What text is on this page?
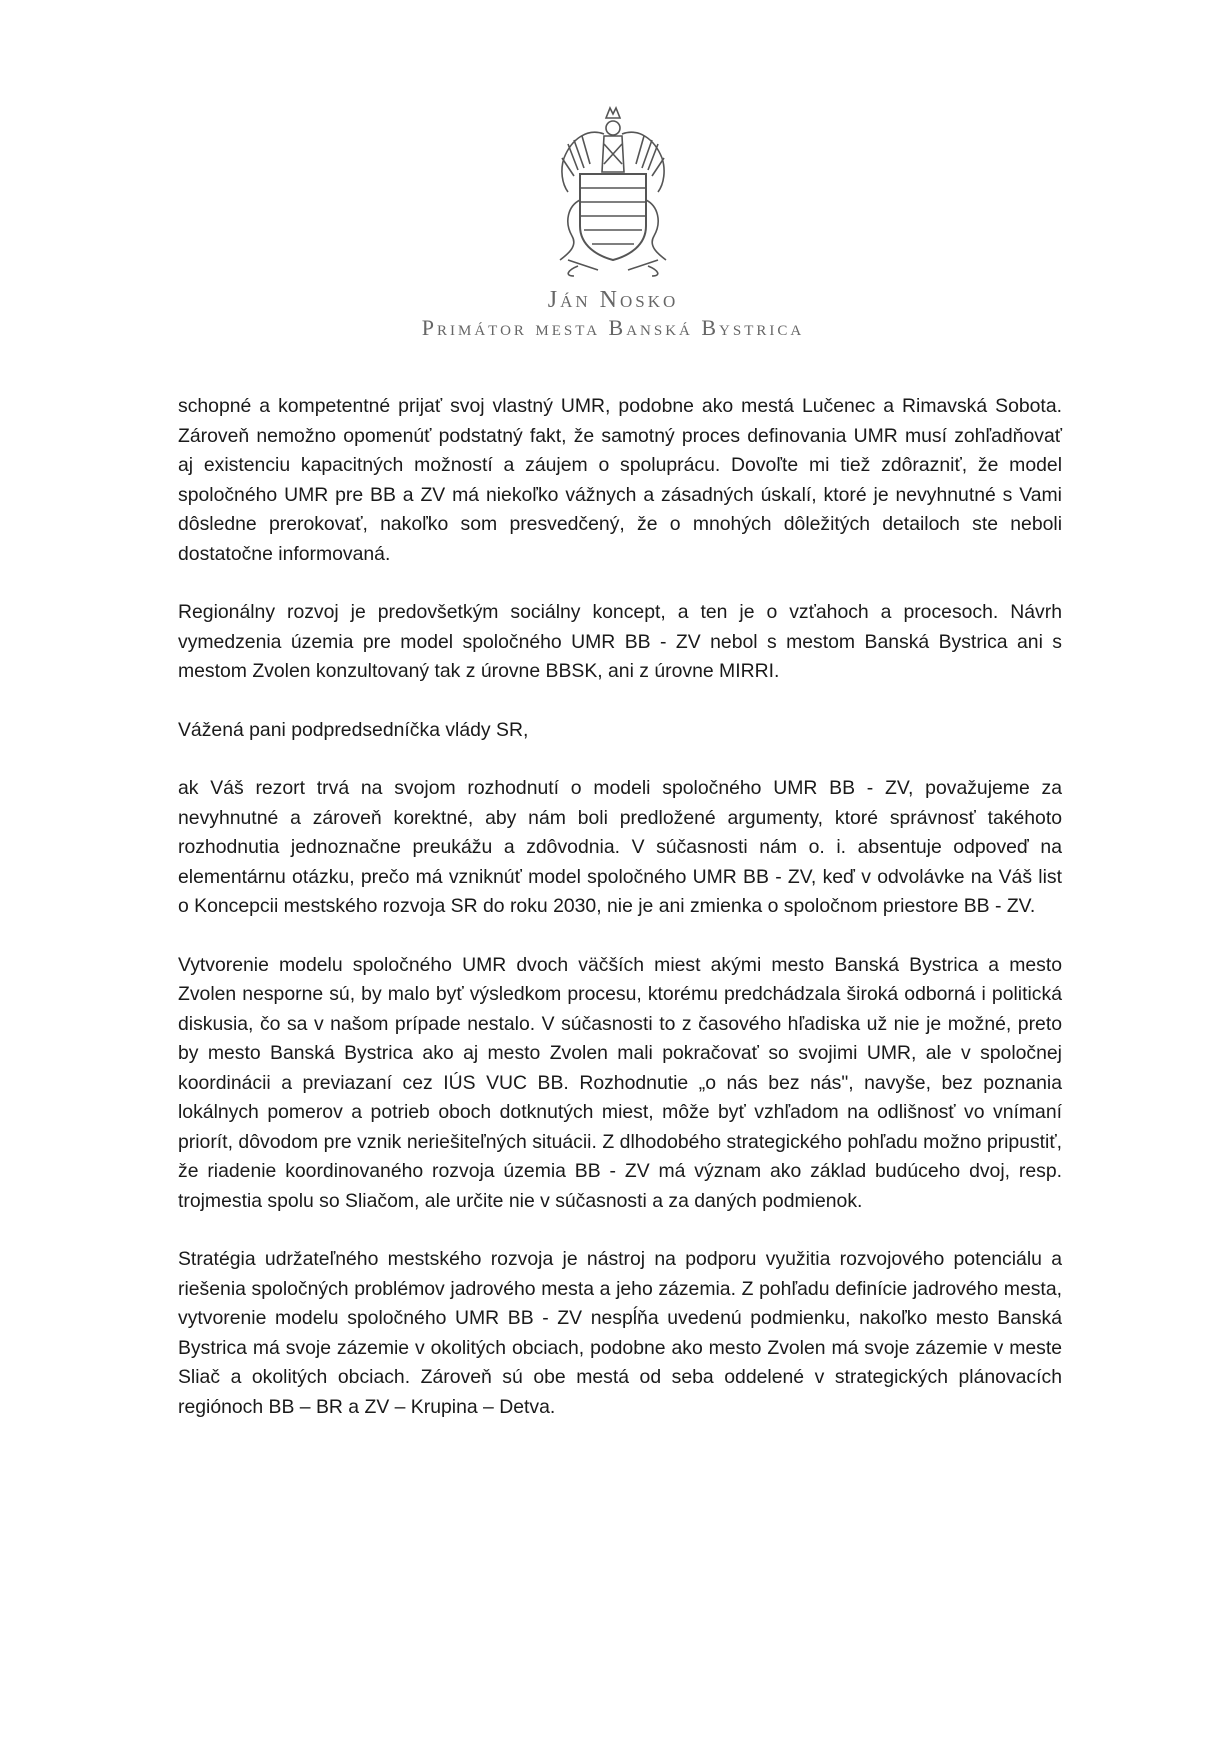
Ján Nosko
Primátor mesta Banská Bystrica

schopné a kompetentné prijať svoj vlastný UMR, podobne ako mestá Lučenec a Rimavská Sobota. Zároveň nemožno opomenúť podstatný fakt, že samotný proces definovania UMR musí zohľadňovať aj existenciu kapacitných možností a záujem o spoluprácu. Dovoľte mi tiež zdôrazniť, že model spoločného UMR pre BB a ZV má niekoľko vážnych a zásadných úskalí, ktoré je nevyhnutné s Vami dôsledne prerokovať, nakoľko som presvedčený, že o mnohých dôležitých detailoch ste neboli dostatočne informovaná.

Regionálny rozvoj je predovšetkým sociálny koncept, a ten je o vzťahoch a procesoch. Návrh vymedzenia územia pre model spoločného UMR BB - ZV nebol s mestom Banská Bystrica ani s mestom Zvolen konzultovaný tak z úrovne BBSK, ani z úrovne MIRRI.

Vážená pani podpredsedníčka vlády SR,

ak Váš rezort trvá na svojom rozhodnutí o modeli spoločného UMR BB - ZV, považujeme za nevyhnutné a zároveň korektné, aby nám boli predložené argumenty, ktoré správnosť takéhoto rozhodnutia jednoznačne preukážu a zdôvodnia. V súčasnosti nám o. i. absentuje odpoveď na elementárnu otázku, prečo má vzniknúť model spoločného UMR BB - ZV, keď v odvolávke na Váš list o Koncepcii mestského rozvoja SR do roku 2030, nie je ani zmienka o spoločnom priestore BB - ZV.

Vytvorenie modelu spoločného UMR dvoch väčších miest akými mesto Banská Bystrica a mesto Zvolen nesporne sú, by malo byť výsledkom procesu, ktorému predchádzala široká odborná i politická diskusia, čo sa v našom prípade nestalo. V súčasnosti to z časového hľadiska už nie je možné, preto by mesto Banská Bystrica ako aj mesto Zvolen mali pokračovať so svojimi UMR, ale v spoločnej koordinácii a previazaní cez IÚS VUC BB. Rozhodnutie „o nás bez nás", navyše, bez poznania lokálnych pomerov a potrieb oboch dotknutých miest, môže byť vzhľadom na odlišnosť vo vnímaní priorít, dôvodom pre vznik neriešiteľných situácii. Z dlhodobého strategického pohľadu možno pripustiť, že riadenie koordinovaného rozvoja územia BB - ZV má význam ako základ budúceho dvoj, resp. trojmestia spolu so Sliačom, ale určite nie v súčasnosti a za daných podmienok.

Stratégia udržateľného mestského rozvoja je nástroj na podporu využitia rozvojového potenciálu a riešenia spoločných problémov jadrového mesta a jeho zázemia. Z pohľadu definície jadrového mesta, vytvorenie modelu spoločného UMR BB - ZV nespĺňa uvedenú podmienku, nakoľko mesto Banská Bystrica má svoje zázemie v okolitých obciach, podobne ako mesto Zvolen má svoje zázemie v meste Sliač a okolitých obciach. Zároveň sú obe mestá od seba oddelené v strategických plánovacích regiónoch BB – BR a ZV – Krupina – Detva.
